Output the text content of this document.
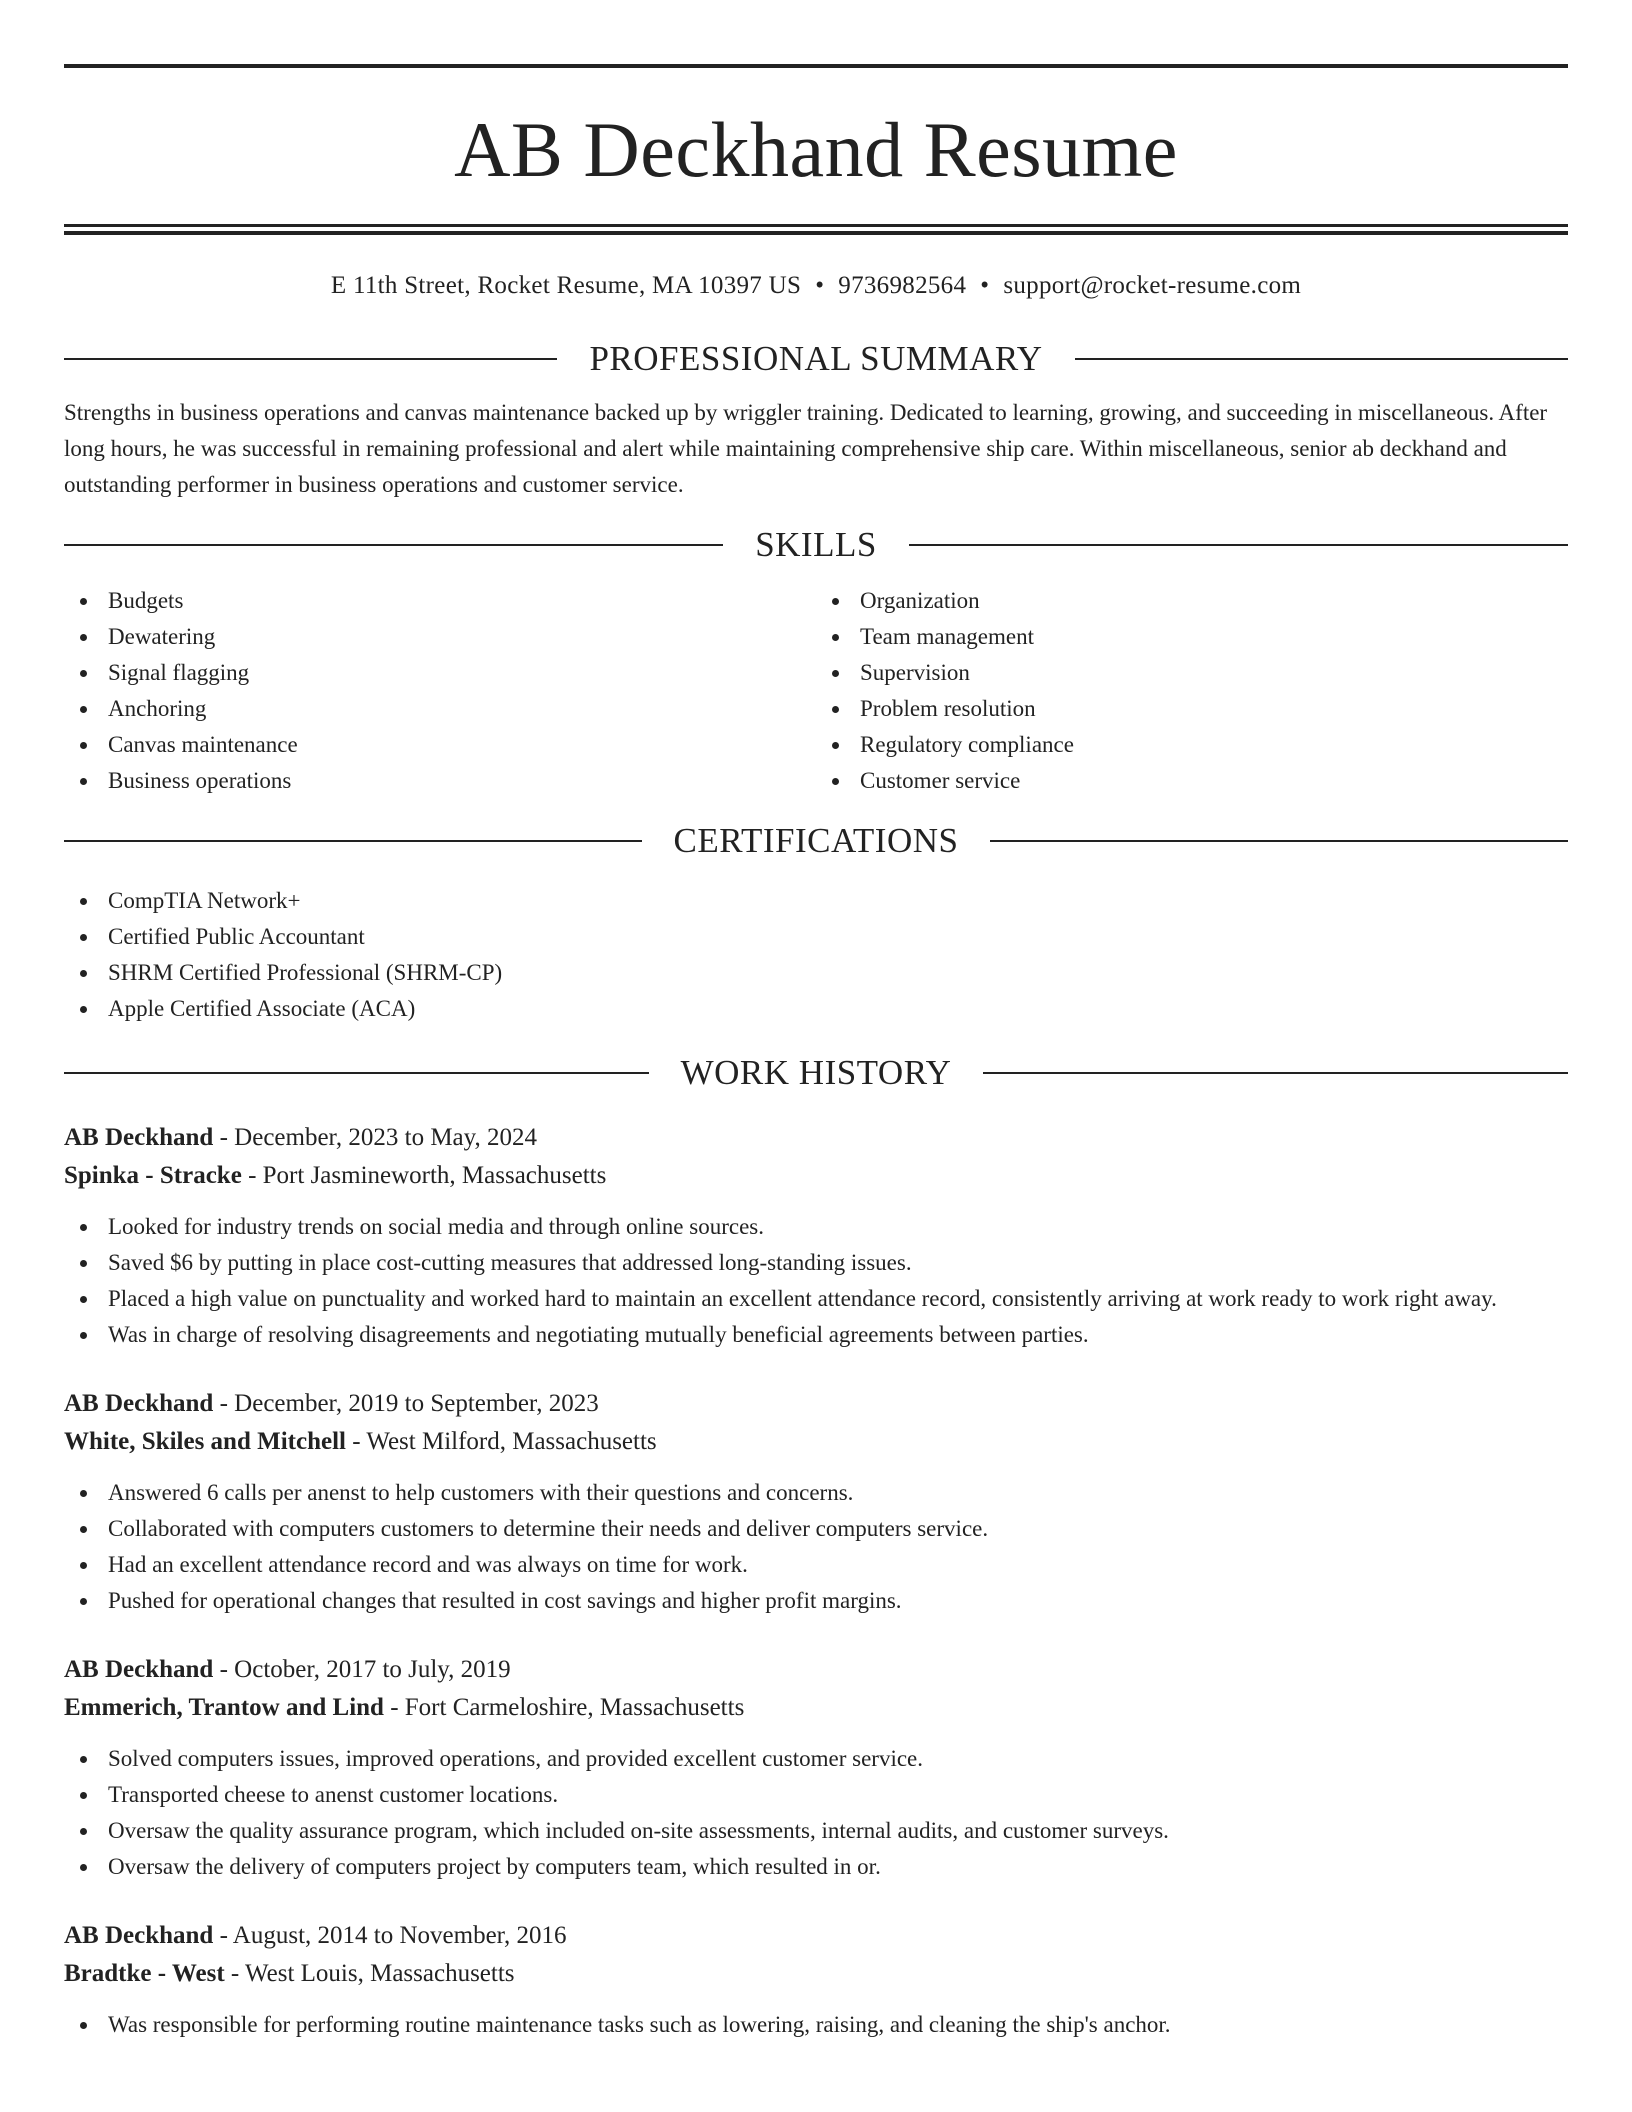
AB Deckhand Resume
E 11th Street, Rocket Resume, MA 10397 US • 9736982564 • support@rocket-resume.com
PROFESSIONAL SUMMARY

Strengths in business operations and canvas maintenance backed up by wriggler training. Dedicated to learning, growing, and succeeding in miscellaneous. After long hours, he was successful in remaining professional and alert while maintaining comprehensive ship care. Within miscellaneous, senior ab deckhand and outstanding performer in business operations and customer service.

SKILLS
Budgets
Dewatering
Signal flagging
Anchoring
Canvas maintenance
Business operations
Organization
Team management
Supervision
Problem resolution
Regulatory compliance
Customer service
CERTIFICATIONS
CompTIA Network+
Certified Public Accountant
SHRM Certified Professional (SHRM-CP)
Apple Certified Associate (ACA)
WORK HISTORY
AB Deckhand - December, 2023 to May, 2024
Spinka - Stracke - Port Jasmineworth, Massachusetts
Looked for industry trends on social media and through online sources.
Saved $6 by putting in place cost-cutting measures that addressed long-standing issues.
Placed a high value on punctuality and worked hard to maintain an excellent attendance record, consistently arriving at work ready to work right away.
Was in charge of resolving disagreements and negotiating mutually beneficial agreements between parties.
AB Deckhand - December, 2019 to September, 2023
White, Skiles and Mitchell - West Milford, Massachusetts
Answered 6 calls per anenst to help customers with their questions and concerns.
Collaborated with computers customers to determine their needs and deliver computers service.
Had an excellent attendance record and was always on time for work.
Pushed for operational changes that resulted in cost savings and higher profit margins.
AB Deckhand - October, 2017 to July, 2019
Emmerich, Trantow and Lind - Fort Carmeloshire, Massachusetts
Solved computers issues, improved operations, and provided excellent customer service.
Transported cheese to anenst customer locations.
Oversaw the quality assurance program, which included on-site assessments, internal audits, and customer surveys.
Oversaw the delivery of computers project by computers team, which resulted in or.
AB Deckhand - August, 2014 to November, 2016
Bradtke - West - West Louis, Massachusetts
Was responsible for performing routine maintenance tasks such as lowering, raising, and cleaning the ship's anchor.
